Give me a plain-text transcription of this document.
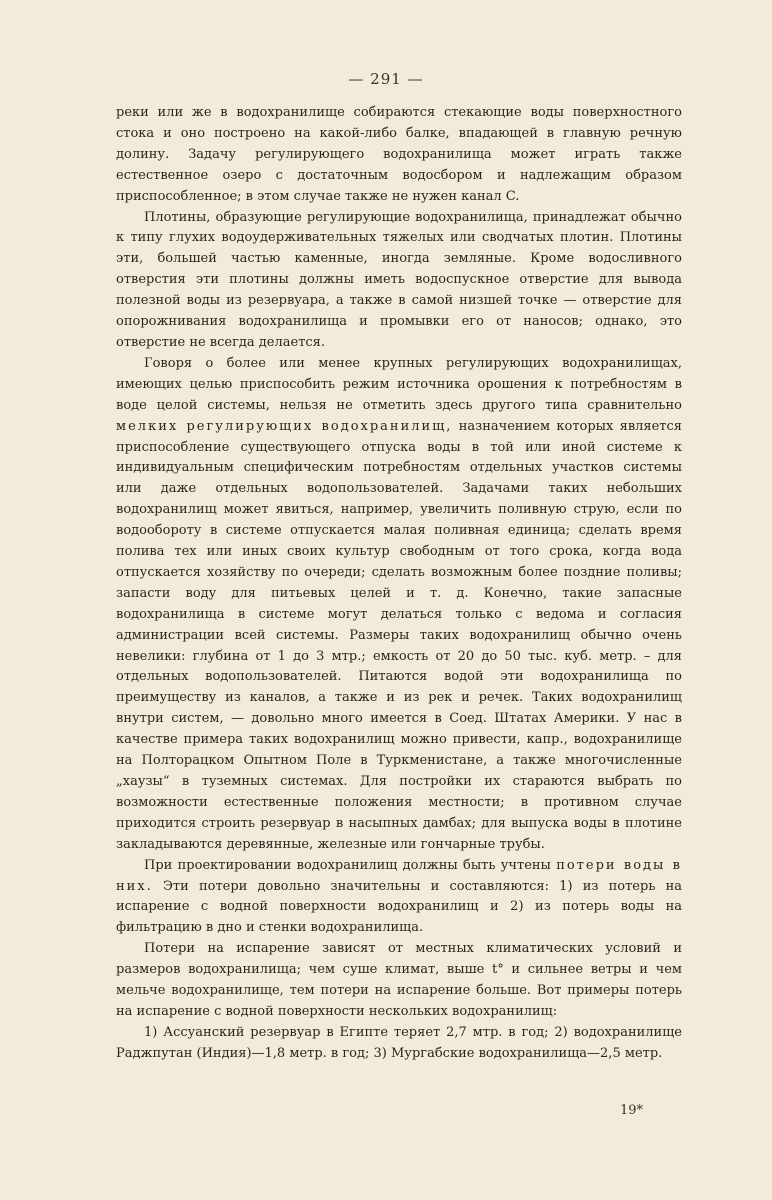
— 291 —

реки или же в водохранилище собираются стекающие воды поверхностного стока и оно построено на какой-либо балке, впадающей в главную речную долину. Задачу регулирующего водохранилища может играть также естественное озеро с достаточным водосбором и надлежащим образом приспособленное; в этом случае также не нужен канал C.

Плотины, образующие регулирующие водохранилища, принадлежат обычно к типу глухих водоудерживательных тяжелых или сводчатых плотин. Плотины эти, большей частью каменные, иногда земляные. Кроме водосливного отверстия эти плотины должны иметь водоспускное отверстие для вывода полезной воды из резервуара, а также в самой низшей точке — отверстие для опорожнивания водохранилища и промывки его от наносов; однако, это отверстие не всегда делается.

Говоря о более или менее крупных регулирующих водохранилищах, имеющих целью приспособить режим источника орошения к потребностям в воде целой системы, нельзя не отметить здесь другого типа сравнительно мелких регулирующих водохранилищ, назначением которых является приспособление существующего отпуска воды в той или иной системе к индивидуальным специфическим потребностям отдельных участков системы или даже отдельных водопользователей. Задачами таких небольших водохранилищ может явиться, например, увеличить поливную струю, если по водообороту в системе отпускается малая поливная единица; сделать время полива тех или иных своих культур свободным от того срока, когда вода отпускается хозяйству по очереди; сделать возможным более поздние поливы; запасти воду для питьевых целей и т. д. Конечно, такие запасные водохранилища в системе могут делаться только с ведома и согласия администрации всей системы. Размеры таких водохранилищ обычно очень невелики: глубина от 1 до 3 мтр.; емкость от 20 до 50 тыс. куб. метр. – для отдельных водопользователей. Питаются водой эти водохранилища по преимуществу из каналов, а также и из рек и речек. Таких водохранилищ внутри систем, — довольно много имеется в Соед. Штатах Америки. У нас в качестве примера таких водохранилищ можно привести, капр., водохранилище на Полторацком Опытном Поле в Туркменистане, а также многочисленные „хаузы“ в туземных системах. Для постройки их стараются выбрать по возможности естественные положения местности; в противном случае приходится строить резервуар в насыпных дамбах; для выпуска воды в плотине закладываются деревянные, железные или гончарные трубы.

При проектировании водохранилищ должны быть учтены потери воды в них. Эти потери довольно значительны и составляются: 1) из потерь на испарение с водной поверхности водохранилищ и 2) из потерь воды на фильтрацию в дно и стенки водохранилища.

Потери на испарение зависят от местных климатических условий и размеров водохранилища; чем суше климат, выше t° и сильнее ветры и чем мельче водохранилище, тем потери на испарение больше. Вот примеры потерь на испарение с водной поверхности нескольких водохранилищ:

1) Ассуанский резервуар в Египте теряет 2,7 мтр. в год; 2) водохранилище Раджпутан (Индия)—1,8 метр. в год; 3) Мургабские водохранилища—2,5 метр.

19*
